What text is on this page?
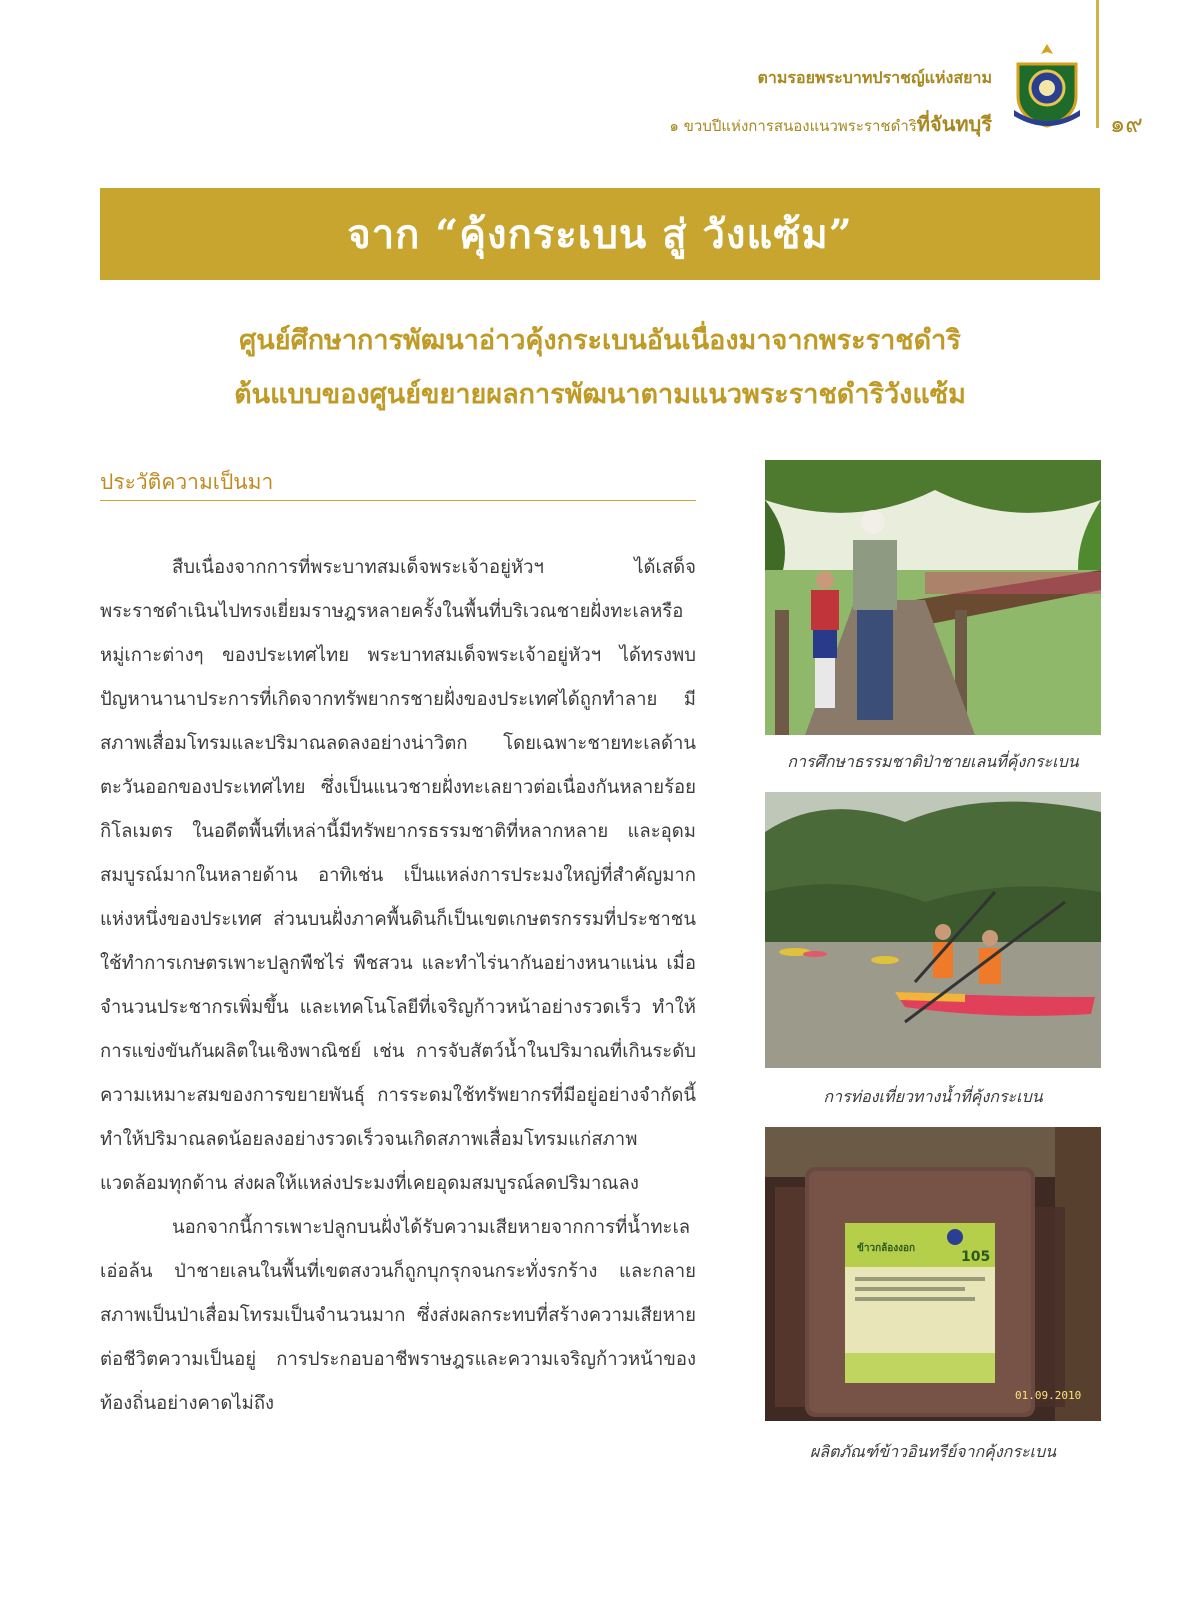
ตามรอยพระบาทปราชญ์แห่งสยาม
๑ ขวบปีแห่งการสนองแนวพระราชดำริที่จันทบุรี	๑๙
จาก “คุ้งกระเบน สู่ วังแซ้ม”
ศูนย์ศึกษาการพัฒนาอ่าวคุ้งกระเบนอันเนื่องมาจากพระราชดำริ
ต้นแบบของศูนย์ขยายผลการพัฒนาตามแนวพระราชดำริวังแซ้ม
ประวัติความเป็นมา

สืบเนื่องจากการที่พระบาทสมเด็จพระเจ้าอยู่หัวฯ ได้เสด็จพระราชดำเนินไปทรงเยี่ยมราษฎรหลายครั้งในพื้นที่บริเวณชายฝั่งทะเลหรือหมู่เกาะต่างๆ ของประเทศไทย พระบาทสมเด็จพระเจ้าอยู่หัวฯ ได้ทรงพบปัญหานานาประการที่เกิดจากทรัพยากรชายฝั่งของประเทศได้ถูกทำลาย มีสภาพเสื่อมโทรมและปริมาณลดลงอย่างน่าวิตก โดยเฉพาะชายทะเลด้านตะวันออกของประเทศไทย ซึ่งเป็นแนวชายฝั่งทะเลยาวต่อเนื่องกันหลายร้อยกิโลเมตร ในอดีตพื้นที่เหล่านี้มีทรัพยากรธรรมชาติที่หลากหลาย และอุดมสมบูรณ์มากในหลายด้าน อาทิเช่น เป็นแหล่งการประมงใหญ่ที่สำคัญมากแห่งหนึ่งของประเทศ ส่วนบนฝั่งภาคพื้นดินก็เป็นเขตเกษตรกรรมที่ประชาชนใช้ทำการเกษตรเพาะปลูกพืชไร่ พืชสวน และทำไร่นากันอย่างหนาแน่น เมื่อจำนวนประชากรเพิ่มขึ้น และเทคโนโลยีที่เจริญก้าวหน้าอย่างรวดเร็ว ทำให้การแข่งขันกันผลิตในเชิงพาณิชย์ เช่น การจับสัตว์น้ำในปริมาณที่เกินระดับความเหมาะสมของการขยายพันธุ์ การระดมใช้ทรัพยากรที่มีอยู่อย่างจำกัดนี้ทำให้ปริมาณลดน้อยลงอย่างรวดเร็วจนเกิดสภาพเสื่อมโทรมแก่สภาพแวดล้อมทุกด้าน ส่งผลให้แหล่งประมงที่เคยอุดมสมบูรณ์ลดปริมาณลง

นอกจากนี้การเพาะปลูกบนฝั่งได้รับความเสียหายจากการที่น้ำทะเลเอ่อล้น ป่าชายเลนในพื้นที่เขตสงวนก็ถูกบุกรุกจนกระทั่งรกร้าง และกลายสภาพเป็นป่าเสื่อมโทรมเป็นจำนวนมาก ซึ่งส่งผลกระทบที่สร้างความเสียหายต่อชีวิตความเป็นอยู่ การประกอบอาชีพราษฎรและความเจริญก้าวหน้าของท้องถิ่นอย่างคาดไม่ถึง

การศึกษาธรรมชาติป่าชายเลนที่คุ้งกระเบน
การท่องเที่ยวทางน้ำที่คุ้งกระเบน
ข้าวกล้องงอก
105
01.09.2010
ผลิตภัณฑ์ข้าวอินทรีย์จากคุ้งกระเบน
